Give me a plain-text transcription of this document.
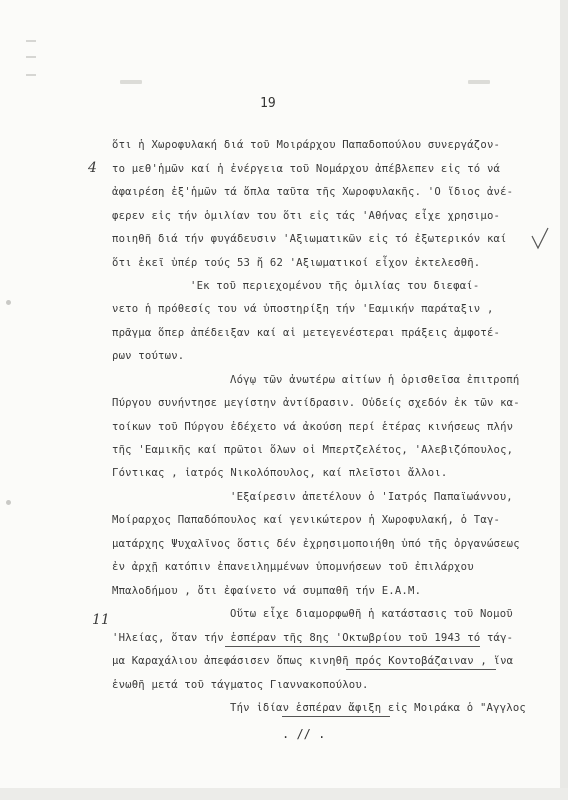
19
4
11
ὅτι ἡ Χωροφυλακή διά τοῦ Μοιράρχου Παπαδοπούλου συνεργάζον-
το μεθ'ἡμῶν καί ἡ ἐνέργεια τοῦ Νομάρχου ἀπέβλεπεν εἰς τό νά
ἀφαιρέση ἐξ'ἡμῶν τά ὅπλα ταῦτα τῆς Χωροφυλακῆς. 'Ο ἴδιος ἀνέ-
φερεν εἰς τήν ὁμιλίαν του ὅτι εἰς τάς 'Αθήνας εἶχε χρησιμο-
ποιηθῆ διά τήν φυγάδευσιν 'Αξιωματικῶν εἰς τό ἐξωτερικόν καί
ὅτι ἐκεῖ ὑπέρ τούς 53 ἤ 62 'Αξιωματικοί εἶχον ἐκτελεσθῆ.
'Εκ τοῦ περιεχομένου τῆς ὁμιλίας του διεφαί-
νετο ἡ πρόθεσίς του νά ὑποστηρίξη τήν 'Εαμικήν παράταξιν ,
πρᾶγμα ὅπερ ἀπέδειξαν καί αἱ μετεγενέστεραι πράξεις ἀμφοτέ-
ρων τούτων.
Λόγῳ τῶν ἀνωτέρω αἰτίων ἡ ὁρισθεῖσα ἐπιτροπή
Πύργου συνήντησε μεγίστην ἀντίδρασιν. Οὐδείς σχεδόν ἐκ τῶν κα-
τοίκων τοῦ Πύργου ἐδέχετο νά ἀκούση περί ἑτέρας κινήσεως πλήν
τῆς 'Εαμικῆς καί πρῶτοι ὅλων οἱ Μπερτζελέτος, 'Αλεβιζόπουλος,
Γόντικας , ἰατρός Νικολόπουλος, καί πλεῖστοι ἄλλοι.
'Εξαίρεσιν ἀπετέλουν ὁ 'Ιατρός Παπαϊωάννου,
Μοίραρχος Παπαδόπουλος καί γενικώτερον ἡ Χωροφυλακή, ὁ Ταγ-
ματάρχης Ψυχαλῖνος ὅστις δέν ἐχρησιμοποιήθη ὑπό τῆς ὀργανώσεως
ἐν ἀρχῇ κατόπιν ἐπανειλημμένων ὑπομνήσεων τοῦ ἐπιλάρχου
Μπαλοδήμου , ὅτι ἐφαίνετο νά συμπαθῆ τήν Ε.Α.Μ.
Οὕτω εἶχε διαμορφωθῆ ἡ κατάστασις τοῦ Νομοῦ
'Ηλείας, ὅταν τήν ἑσπέραν τῆς 8ης 'Οκτωβρίου τοῦ 1943 τό τάγ-
μα Καραχάλιου ἀπεφάσισεν ὅπως κινηθῆ πρός Κοντοβάζαιναν , ἵνα
ἑνωθῆ μετά τοῦ τάγματος Γιαννακοπούλου.
Τήν ἰδίαν ἑσπέραν ἄφιξη εἰς Μοιράκα ὁ "Αγγλος
. // .
